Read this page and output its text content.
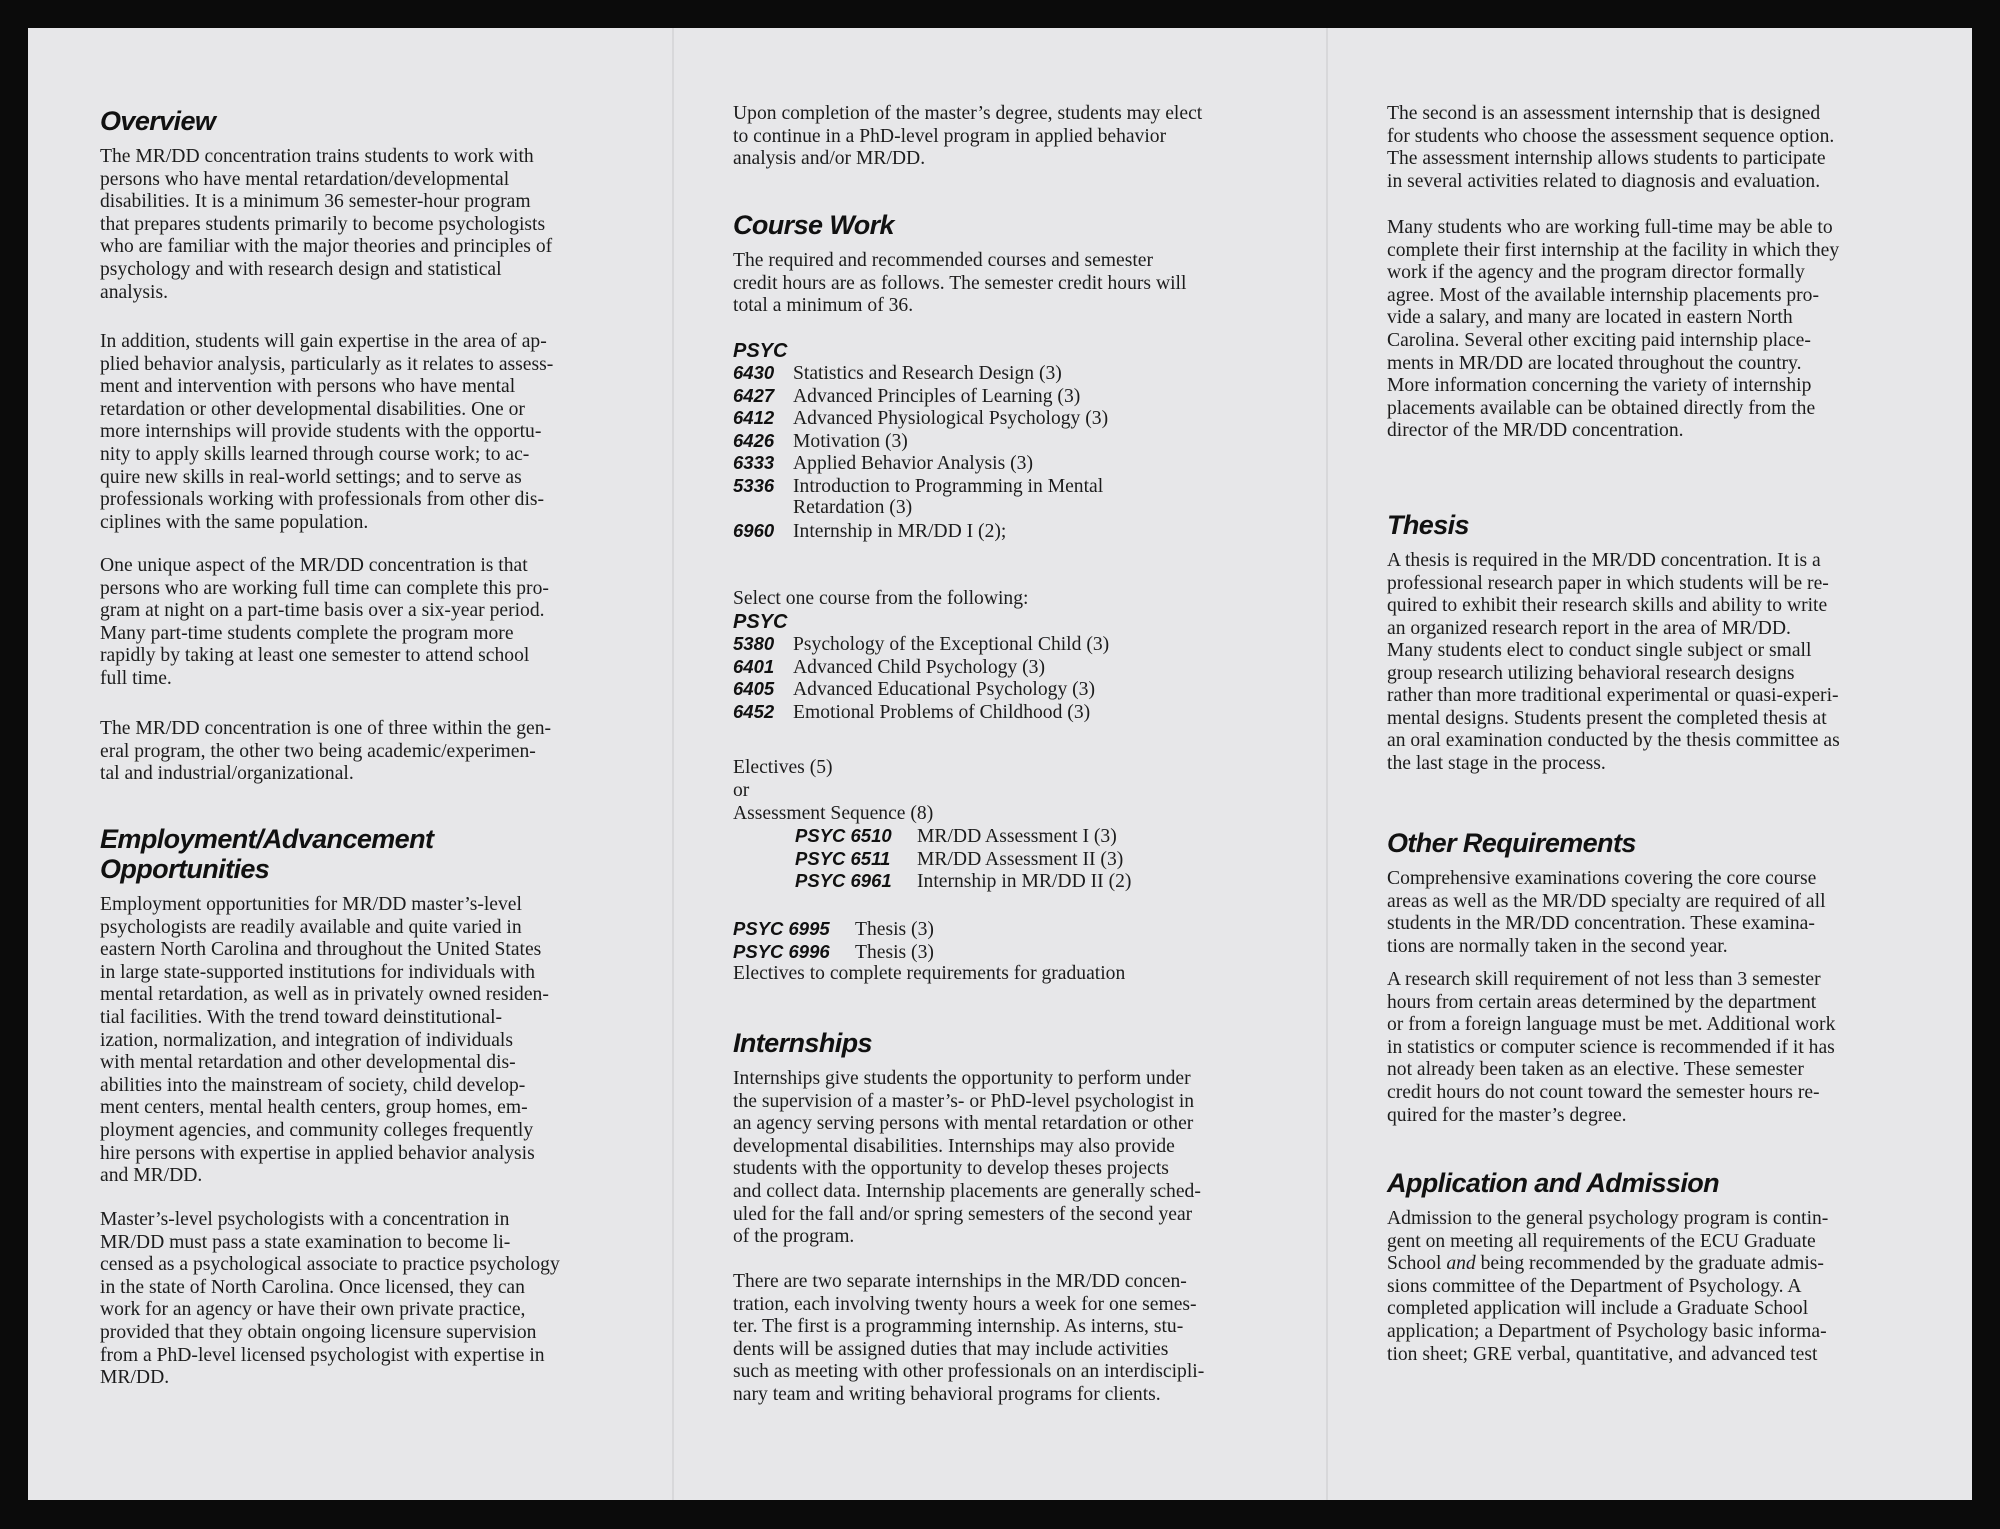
Overview

The MR/DD concentration trains students to work with
persons who have mental retardation/developmental
disabilities. It is a minimum 36 semester-hour program
that prepares students primarily to become psychologists
who are familiar with the major theories and principles of
psychology and with research design and statistical
analysis.

In addition, students will gain expertise in the area of ap-
plied behavior analysis, particularly as it relates to assess-
ment and intervention with persons who have mental
retardation or other developmental disabilities. One or
more internships will provide students with the opportu-
nity to apply skills learned through course work; to ac-
quire new skills in real-world settings; and to serve as
professionals working with professionals from other dis-
ciplines with the same population.

One unique aspect of the MR/DD concentration is that
persons who are working full time can complete this pro-
gram at night on a part-time basis over a six-year period.
Many part-time students complete the program more
rapidly by taking at least one semester to attend school
full time.

The MR/DD concentration is one of three within the gen-
eral program, the other two being academic/experimen-
tal and industrial/organizational.

Employment/Advancement
Opportunities

Employment opportunities for MR/DD master’s-level
psychologists are readily available and quite varied in
eastern North Carolina and throughout the United States
in large state-supported institutions for individuals with
mental retardation, as well as in privately owned residen-
tial facilities. With the trend toward deinstitutional-
ization, normalization, and integration of individuals
with mental retardation and other developmental dis-
abilities into the mainstream of society, child develop-
ment centers, mental health centers, group homes, em-
ployment agencies, and community colleges frequently
hire persons with expertise in applied behavior analysis
and MR/DD.

Master’s-level psychologists with a concentration in
MR/DD must pass a state examination to become li-
censed as a psychological associate to practice psychology
in the state of North Carolina. Once licensed, they can
work for an agency or have their own private practice,
provided that they obtain ongoing licensure supervision
from a PhD-level licensed psychologist with expertise in
MR/DD.

Upon completion of the master’s degree, students may elect
to continue in a PhD-level program in applied behavior
analysis and/or MR/DD.

Course Work

The required and recommended courses and semester
credit hours are as follows. The semester credit hours will
total a minimum of 36.

PSYC
6430 Statistics and Research Design (3)
6427 Advanced Principles of Learning (3)
6412 Advanced Physiological Psychology (3)
6426 Motivation (3)
6333 Applied Behavior Analysis (3)
5336 Introduction to Programming in Mental
Retardation (3)
6960 Internship in MR/DD I (2);
Select one course from the following:
PSYC
5380 Psychology of the Exceptional Child (3)
6401 Advanced Child Psychology (3)
6405 Advanced Educational Psychology (3)
6452 Emotional Problems of Childhood (3)
Electives (5)
or
Assessment Sequence (8)
PSYC 6510 MR/DD Assessment I (3)
PSYC 6511 MR/DD Assessment II (3)
PSYC 6961 Internship in MR/DD II (2)
PSYC 6995 Thesis (3)
PSYC 6996 Thesis (3)
Electives to complete requirements for graduation
Internships

Internships give students the opportunity to perform under
the supervision of a master’s- or PhD-level psychologist in
an agency serving persons with mental retardation or other
developmental disabilities. Internships may also provide
students with the opportunity to develop theses projects
and collect data. Internship placements are generally sched-
uled for the fall and/or spring semesters of the second year
of the program.

There are two separate internships in the MR/DD concen-
tration, each involving twenty hours a week for one semes-
ter. The first is a programming internship. As interns, stu-
dents will be assigned duties that may include activities
such as meeting with other professionals on an interdiscipli-
nary team and writing behavioral programs for clients.

The second is an assessment internship that is designed
for students who choose the assessment sequence option.
The assessment internship allows students to participate
in several activities related to diagnosis and evaluation.

Many students who are working full-time may be able to
complete their first internship at the facility in which they
work if the agency and the program director formally
agree. Most of the available internship placements pro-
vide a salary, and many are located in eastern North
Carolina. Several other exciting paid internship place-
ments in MR/DD are located throughout the country.
More information concerning the variety of internship
placements available can be obtained directly from the
director of the MR/DD concentration.

Thesis

A thesis is required in the MR/DD concentration. It is a
professional research paper in which students will be re-
quired to exhibit their research skills and ability to write
an organized research report in the area of MR/DD.

Many students elect to conduct single subject or small
group research utilizing behavioral research designs
rather than more traditional experimental or quasi-experi-
mental designs. Students present the completed thesis at
an oral examination conducted by the thesis committee as
the last stage in the process.

Other Requirements

Comprehensive examinations covering the core course
areas as well as the MR/DD specialty are required of all
students in the MR/DD concentration. These examina-
tions are normally taken in the second year.

A research skill requirement of not less than 3 semester
hours from certain areas determined by the department
or from a foreign language must be met. Additional work
in statistics or computer science is recommended if it has
not already been taken as an elective. These semester
credit hours do not count toward the semester hours re-
quired for the master’s degree.

Application and Admission

Admission to the general psychology program is contin-
gent on meeting all requirements of the ECU Graduate
School and being recommended by the graduate admis-
sions committee of the Department of Psychology. A
completed application will include a Graduate School
application; a Department of Psychology basic informa-
tion sheet; GRE verbal, quantitative, and advanced test
